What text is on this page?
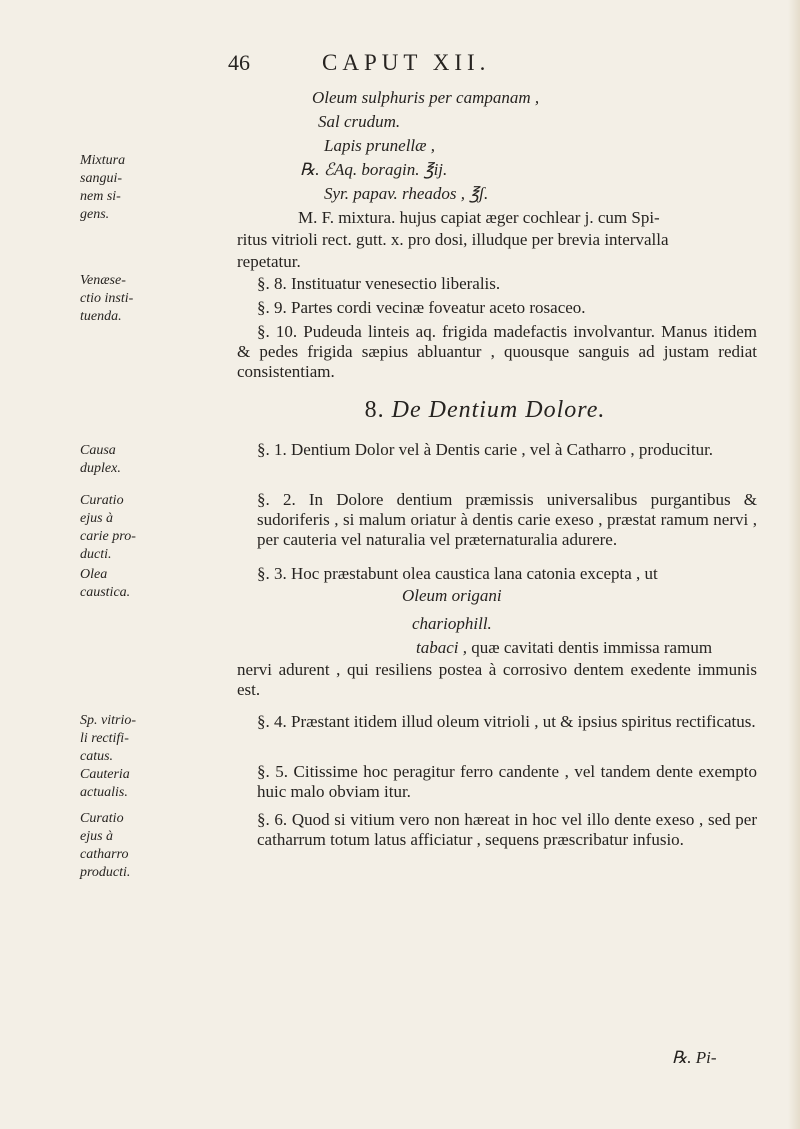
46	CAPUT XII.
Oleum sulphuris per campanam ,
Sal crudum.
Lapis prunellæ ,
℞. ℰAq. boragin. ℥ij.
Syr. papav. rheados , ℥ʃ.
M. F. mixtura. hujus capiat æger cochlear j. cum Spi-
ritus vitrioli rect. gutt. x. pro dosi, illudque per brevia intervalla
repetatur.
§. 8. Instituatur venesectio liberalis.
§. 9. Partes cordi vecinæ foveatur aceto rosaceo.
§. 10. Pudeuda linteis aq. frigida madefactis involvantur. Manus itidem & pedes frigida sæpius abluantur , quousque sanguis ad justam rediat consistentiam.
Mixtura
sangui-
nem si-
gens.
Venæse-
ctio insti-
tuenda.
8. De Dentium Dolore.
§. 1. Dentium Dolor vel à Dentis carie , vel à Catharro , producitur.
§. 2. In Dolore dentium præmissis universalibus purgantibus & sudoriferis , si malum oriatur à dentis carie exeso , præstat ramum nervi , per cauteria vel naturalia vel præternaturalia adurere.
§. 3. Hoc præstabunt olea caustica lana catonia excepta , ut
Oleum origani
chariophill.
tabaci , quæ cavitati dentis immissa ramum
nervi adurent , qui resiliens postea à corrosivo dentem exedente immunis est.
§. 4. Præstant itidem illud oleum vitrioli , ut & ipsius spiritus rectificatus.
§. 5. Citissime hoc peragitur ferro candente , vel tandem dente exempto huic malo obviam itur.
§. 6. Quod si vitium vero non hæreat in hoc vel illo dente exeso , sed per catharrum totum latus afficiatur , sequens præscribatur infusio.
Causa
duplex.
Curatio
ejus à
carie pro-
ducti.
Olea
caustica.
Sp. vitrio-
li rectifi-
catus.
Cauteria
actualis.
Curatio
ejus à
catharro
producti.
℞. Pi-
